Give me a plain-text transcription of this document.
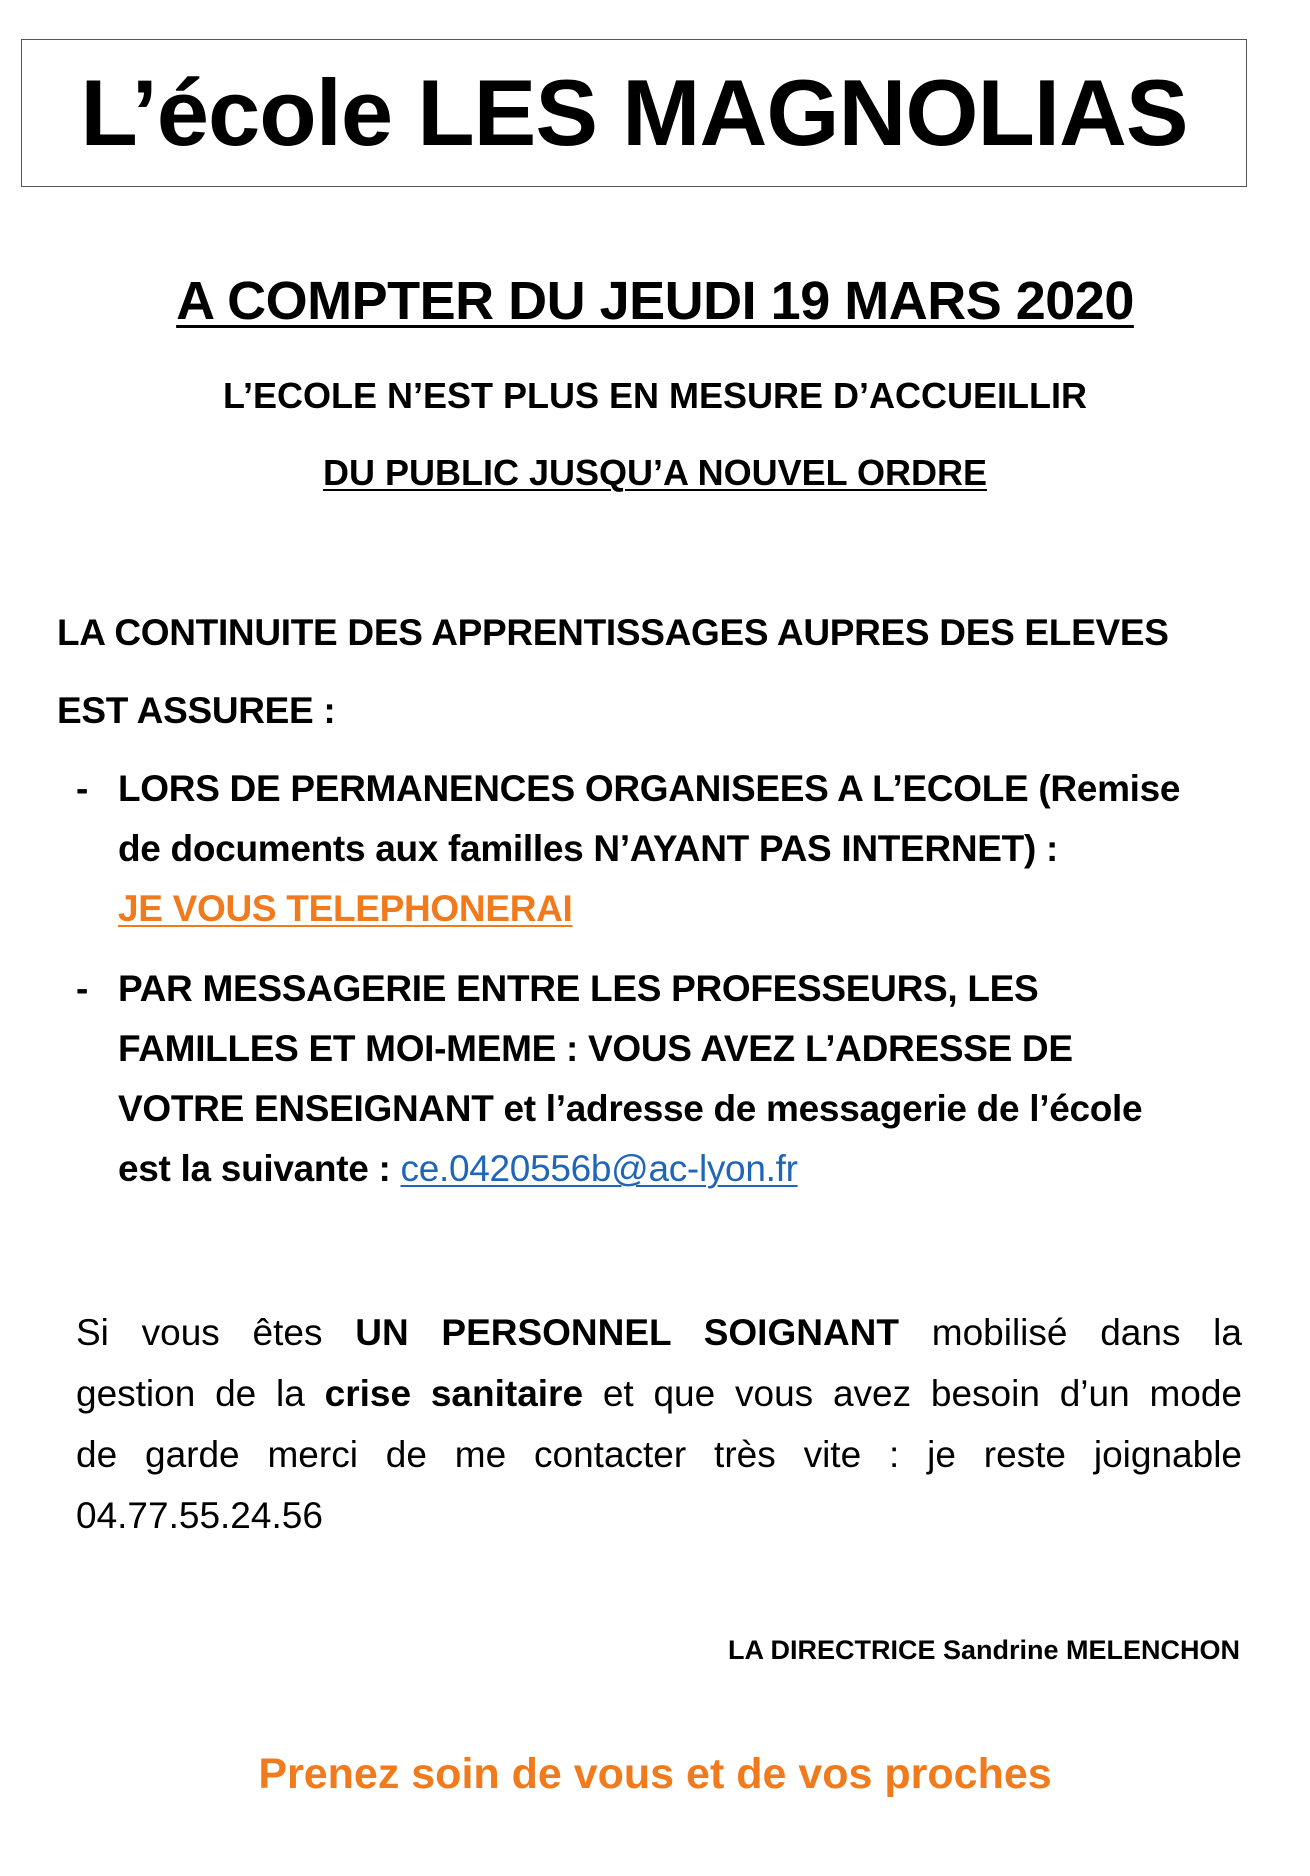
L’école LES MAGNOLIAS
A COMPTER DU JEUDI 19 MARS 2020
L’ECOLE N’EST PLUS EN MESURE D’ACCUEILLIR
DU PUBLIC JUSQU’A NOUVEL ORDRE
LA CONTINUITE DES APPRENTISSAGES AUPRES DES ELEVES
EST ASSUREE :
- LORS DE PERMANENCES ORGANISEES A L’ECOLE (Remise
de documents aux familles N’AYANT PAS INTERNET) :
JE VOUS TELEPHONERAI
- PAR MESSAGERIE ENTRE LES PROFESSEURS, LES
FAMILLES ET MOI-MEME : VOUS AVEZ L’ADRESSE DE
VOTRE ENSEIGNANT et l’adresse de messagerie de l’école
est la suivante : ce.0420556b@ac-lyon.fr
Si vous êtes UN PERSONNEL SOIGNANT mobilisé dans la
gestion de la crise sanitaire et que vous avez besoin d’un mode
de garde merci de me contacter très vite : je reste joignable
04.77.55.24.56
LA DIRECTRICE Sandrine MELENCHON
Prenez soin de vous et de vos proches
